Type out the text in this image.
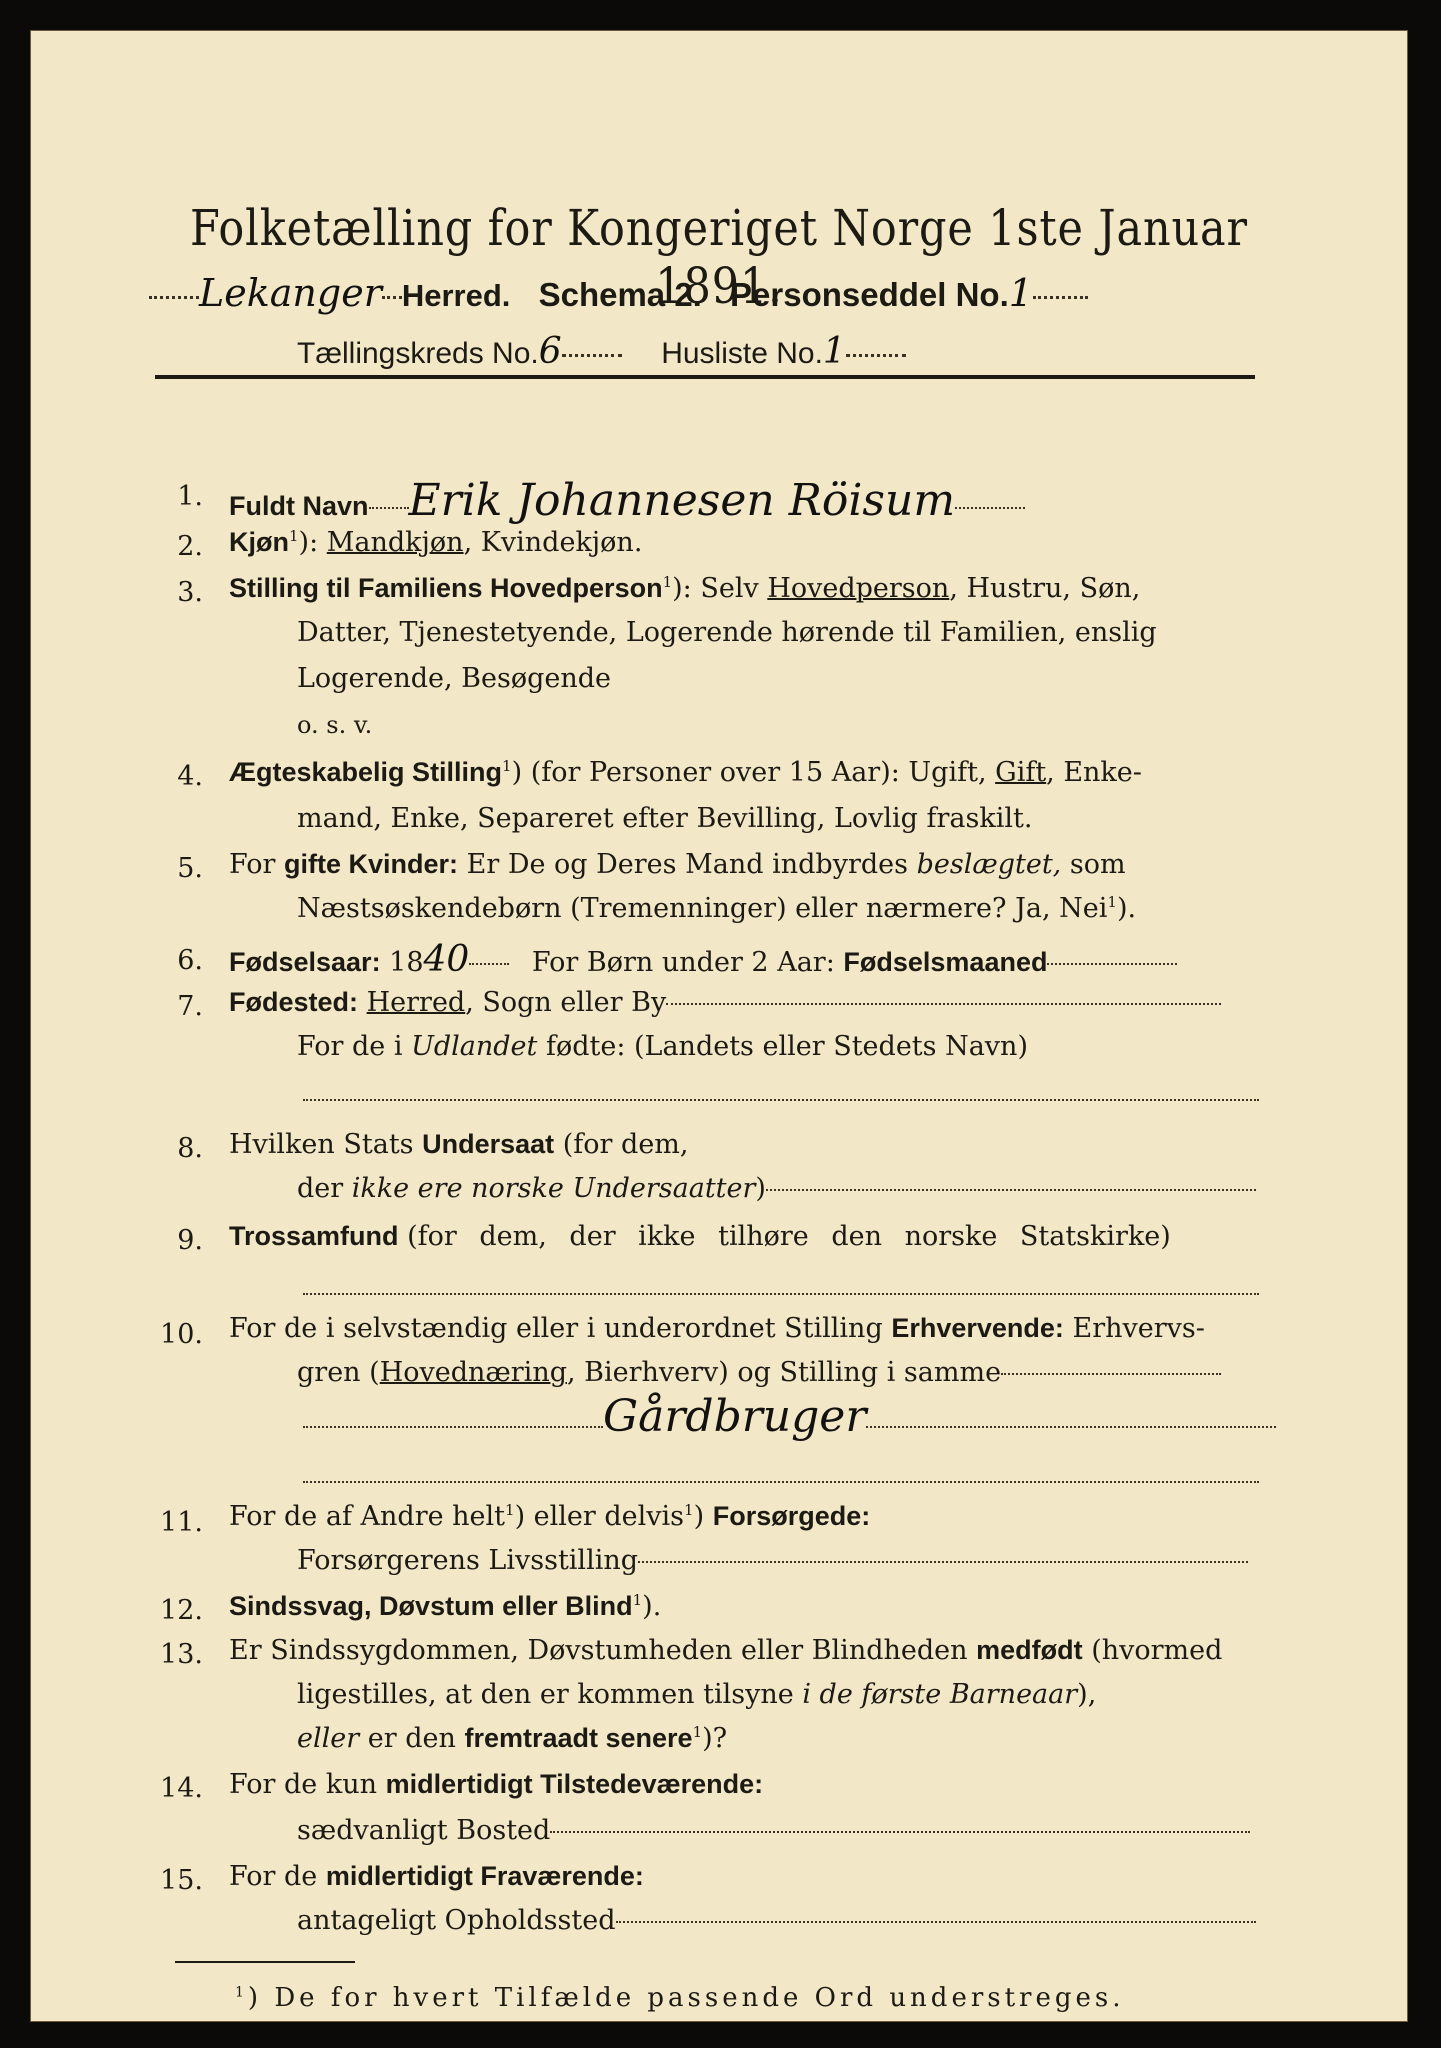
Folketælling for Kongeriget Norge 1ste Januar 1891.
Lekanger Herred. Schema 2. Personseddel No.1
Tællingskreds No.6	Husliste No.1
1. Fuldt Navn Erik Johannesen Röisum
2. Kjøn$^1$): Mandkjøn, Kvindekjøn.
3. Stilling til Familiens Hovedperson$^1$): Selv Hovedperson, Hustru, Søn,
Datter, Tjenestetyende, Logerende hørende til Familien, enslig
Logerende, Besøgende
o. s. v.
4. Ægteskabelig Stilling$^1$) (for Personer over 15 Aar): Ugift, Gift, Enke-
mand, Enke, Separeret efter Bevilling, Lovlig fraskilt.
5. For gifte Kvinder: Er De og Deres Mand indbyrdes beslægtet, som
Næstsøskendebørn (Tremenninger) eller nærmere? Ja, Nei$^1$).
6. Fødselsaar: 1840 For Børn under 2 Aar: Fødselsmaaned
7. Fødested: Herred, Sogn eller By
For de i Udlandet fødte: (Landets eller Stedets Navn)
8. Hvilken Stats Undersaat (for dem,
der ikke ere norske Undersaatter)
9. Trossamfund (for dem, der ikke tilhøre den norske Statskirke)
10. For de i selvstændig eller i underordnet Stilling Erhvervende: Erhvervs-
gren (Hovednæring, Bierhverv) og Stilling i samme
Gårdbruger
11. For de af Andre helt$^1$) eller delvis$^1$) Forsørgede:
Forsørgerens Livsstilling
12. Sindssvag, Døvstum eller Blind$^1$).
13. Er Sindssygdommen, Døvstumheden eller Blindheden medfødt (hvormed
ligestilles, at den er kommen tilsyne i de første Barneaar),
eller er den fremtraadt senere$^1$)?
14. For de kun midlertidigt Tilstedeværende:
sædvanligt Bosted
15. For de midlertidigt Fraværende:
antageligt Opholdssted
$^1$) De for hvert Tilfælde passende Ord understreges.
